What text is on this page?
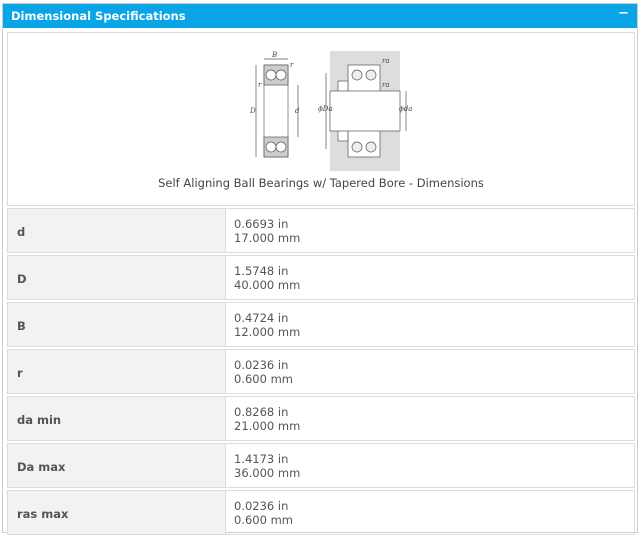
Dimensional Specifications	−
B
r
r
D	d
ra
ra
ϕDa	ϕda
Self Aligning Ball Bearings w/ Tapered Bore - Dimensions
d
0.6693 in
17.000 mm
D
1.5748 in
40.000 mm
B
0.4724 in
12.000 mm
r
0.0236 in
0.600 mm
da min
0.8268 in
21.000 mm
Da max
1.4173 in
36.000 mm
ras max
0.0236 in
0.600 mm
